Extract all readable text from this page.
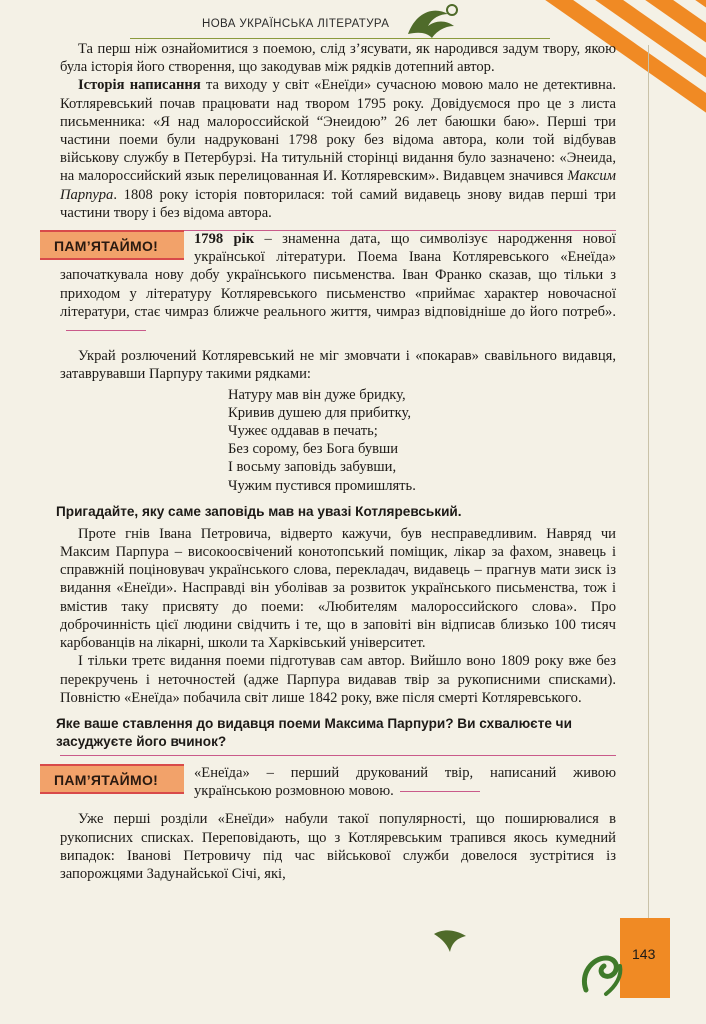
НОВА УКРАЇНСЬКА ЛІТЕРАТУРА

Та перш ніж ознайомитися з поемою, слід з’ясувати, як народився задум твору, якою була історія його створення, що закодував між рядків дотепний автор.

Історія написання та виходу у світ «Енеїди» сучасною мовою мало не детективна. Котляревський почав працювати над твором 1795 року. Довідуємося про це з листа письменника: «Я над малороссийской “Энеидою” 26 лет баюшки баю». Перші три частини поеми були надруковані 1798 року без відома автора, коли той відбував військову службу в Петербурзі. На титульній сторінці видання було зазначено: «Энеида, на малороссийский язык перелицованная И. Котляревским». Видавцем значився Максим Парпура. 1808 року історія повторилася: той самий видавець знову видав перші три частини твору і без відома автора.

ПАМ’ЯТАЙМО!	1798 рік – знаменна дата, що символізує народження нової української літератури. Поема Івана Котляревського «Енеїда» започаткувала нову добу українського письменства. Іван Франко сказав, що тільки з приходом у літературу Котляревського письменство «приймає характер новочасної літератури, стає чимраз ближче реального життя, чимраз відповідніше до його потреб».

Украй розлючений Котляревський не міг змовчати і «покарав» свавільного видавця, затаврувавши Парпуру такими рядками:

Натуру мав він дуже бридку,
Кривив душею для прибитку,
Чужеє оддавав в печать;
Без сорому, без Бога бувши
І восьму заповідь забувши,
Чужим пустився промишлять.
Пригадайте, яку саме заповідь мав на увазі Котляревський.

Проте гнів Івана Петровича, відверто кажучи, був несправедливим. Навряд чи Максим Парпура – високоосвічений конотопський поміщик, лікар за фахом, знавець і справжній поціновувач українського слова, перекладач, видавець – прагнув мати зиск із видання «Енеїди». Насправді він уболівав за розвиток українського письменства, тож і вмістив таку присвяту до поеми: «Любителям малороссийского слова». Про доброчинність цієї людини свідчить і те, що в заповіті він відписав близько 100 тисяч карбованців на лікарні, школи та Харківський університет.

І тільки третє видання поеми підготував сам автор. Вийшло воно 1809 року вже без перекручень і неточностей (адже Парпура видавав твір за рукописними списками). Повністю «Енеїда» побачила світ лише 1842 року, вже після смерті Котляревського.

Яке ваше ставлення до видавця поеми Максима Парпури? Ви схвалюєте чи засуджуєте його вчинок?
ПАМ’ЯТАЙМО!	«Енеїда» – перший друкований твір, написаний живою українською розмовною мовою.

Уже перші розділи «Енеїди» набули такої популярності, що поширювалися в рукописних списках. Переповідають, що з Котляревським трапився якось кумедний випадок: Іванові Петровичу під час військової служби довелося зустрітися із запорожцями Задунайської Січі, які,

143
